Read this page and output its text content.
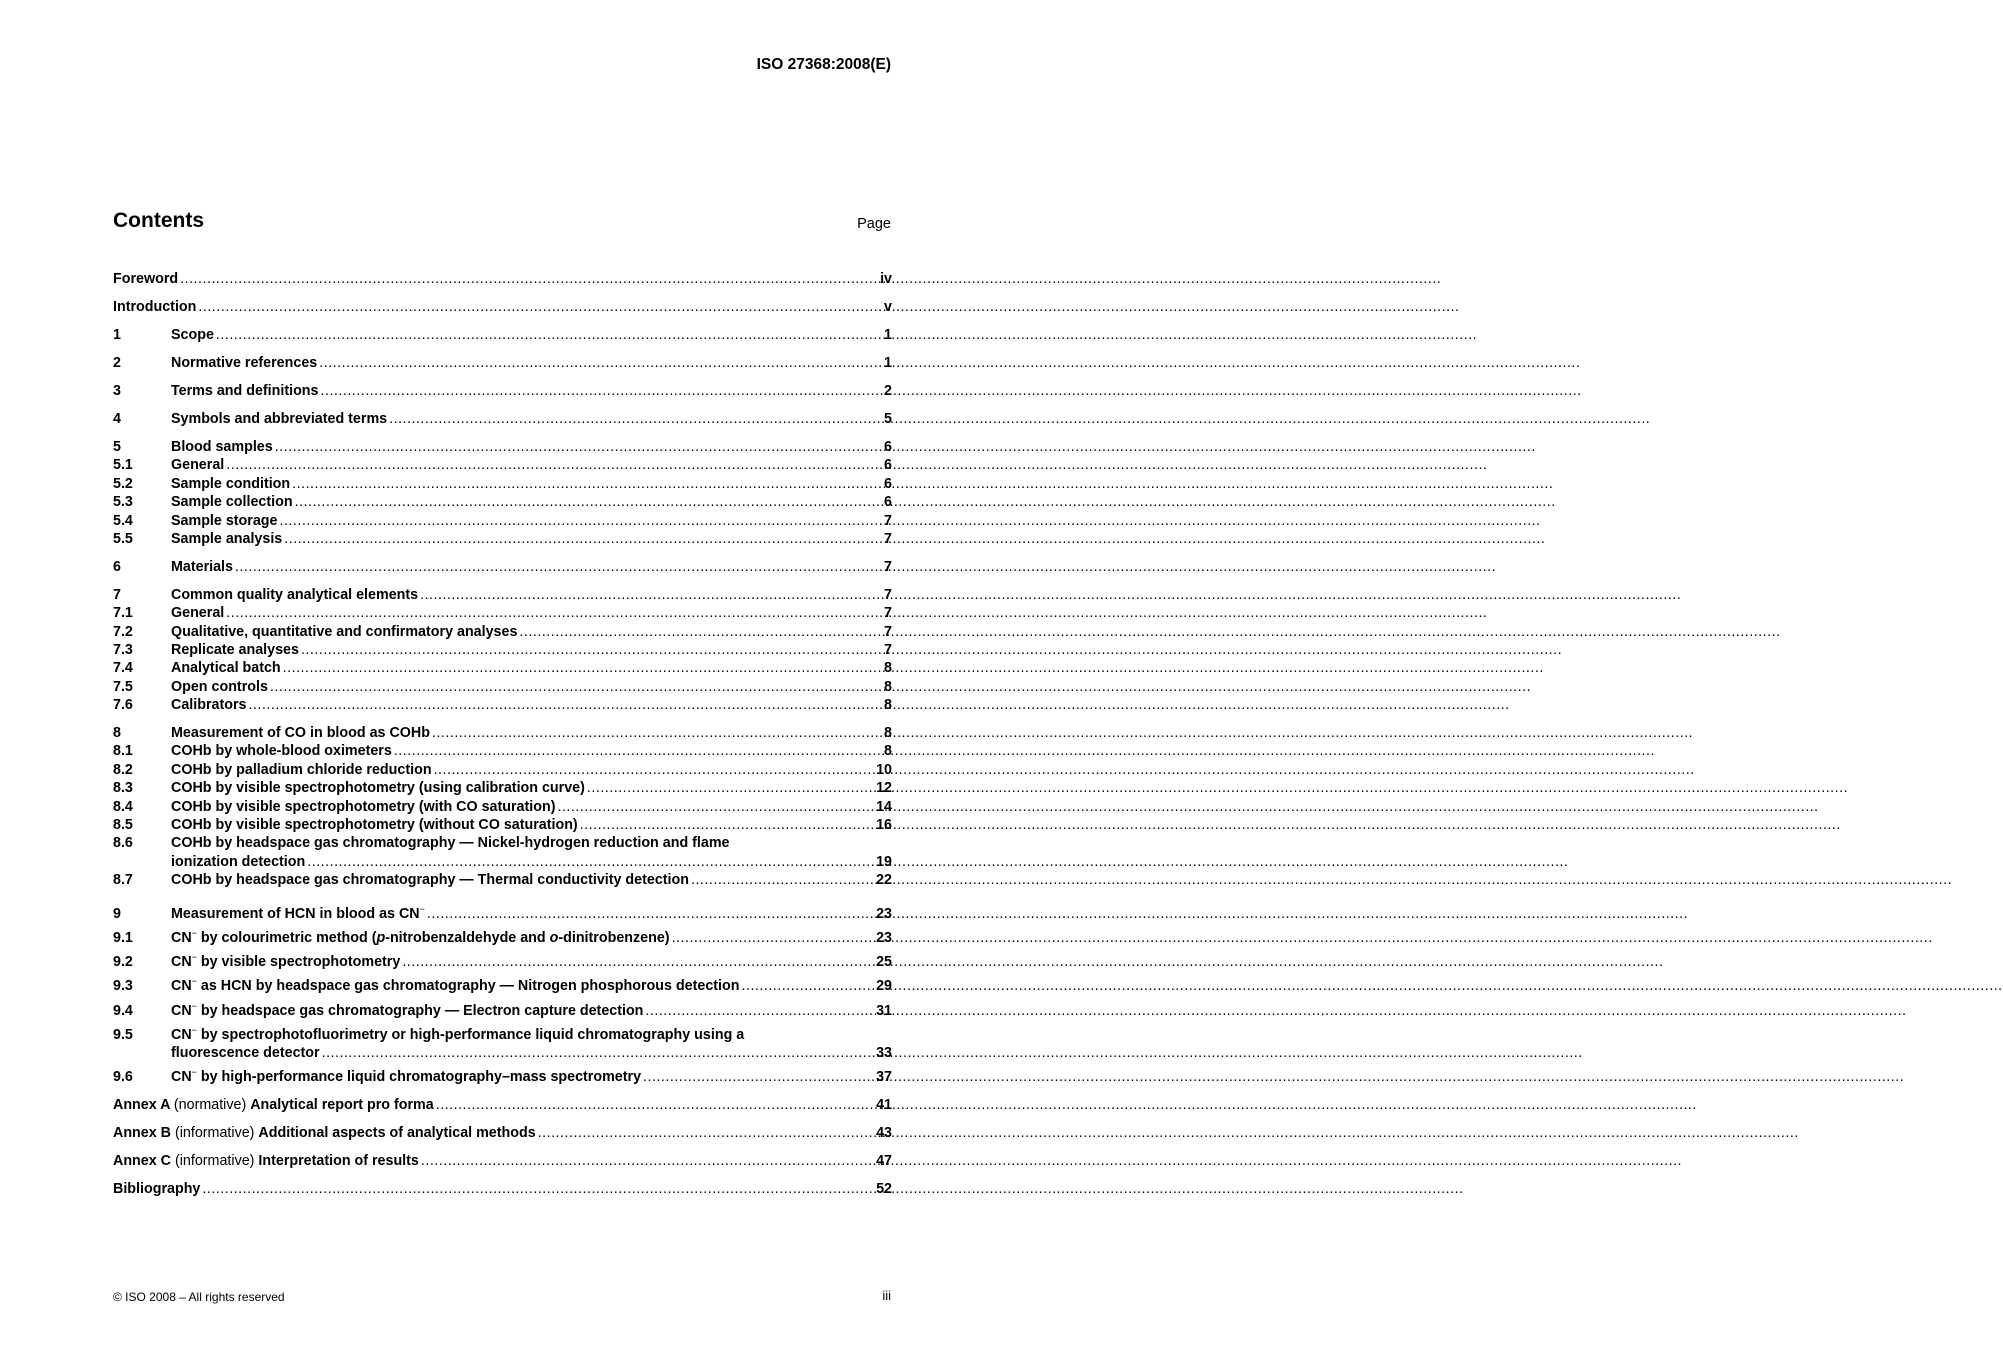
ISO 27368:2008(E)
Contents	Page
Foreword .....	iv
Introduction .....	v
1	Scope .....	1
2	Normative references .....	1
3	Terms and definitions .....	2
4	Symbols and abbreviated terms .....	5
5	Blood samples .....	6
5.1	General .....	6
5.2	Sample condition .....	6
5.3	Sample collection .....	6
5.4	Sample storage .....	7
5.5	Sample analysis .....	7
6	Materials .....	7
7	Common quality analytical elements .....	7
7.1	General .....	7
7.2	Qualitative, quantitative and confirmatory analyses .....	7
7.3	Replicate analyses .....	7
7.4	Analytical batch .....	8
7.5	Open controls .....	8
7.6	Calibrators .....	8
8	Measurement of CO in blood as COHb .....	8
8.1	COHb by whole-blood oximeters .....	8
8.2	COHb by palladium chloride reduction .....	10
8.3	COHb by visible spectrophotometry (using calibration curve) .....	12
8.4	COHb by visible spectrophotometry (with CO saturation) .....	14
8.5	COHb by visible spectrophotometry (without CO saturation) .....	16
8.6	COHb by headspace gas chromatography — Nickel-hydrogen reduction and flame
ionization detection .....	19
8.7	COHb by headspace gas chromatography — Thermal conductivity detection .....	22
9	Measurement of HCN in blood as CN− .....	23
9.1	CN− by colourimetric method (p-nitrobenzaldehyde and o-dinitrobenzene) .....	23
9.2	CN− by visible spectrophotometry .....	25
9.3	CN− as HCN by headspace gas chromatography — Nitrogen phosphorous detection .....	29
9.4	CN− by headspace gas chromatography — Electron capture detection .....	31
9.5	CN− by spectrophotofluorimetry or high-performance liquid chromatography using a
fluorescence detector .....	33
9.6	CN− by high-performance liquid chromatography–mass spectrometry .....	37
Annex A (normative) Analytical report pro forma .....	41
Annex B (informative) Additional aspects of analytical methods .....	43
Annex C (informative) Interpretation of results .....	47
Bibliography .....	52
© ISO 2008 – All rights reserved	iii
